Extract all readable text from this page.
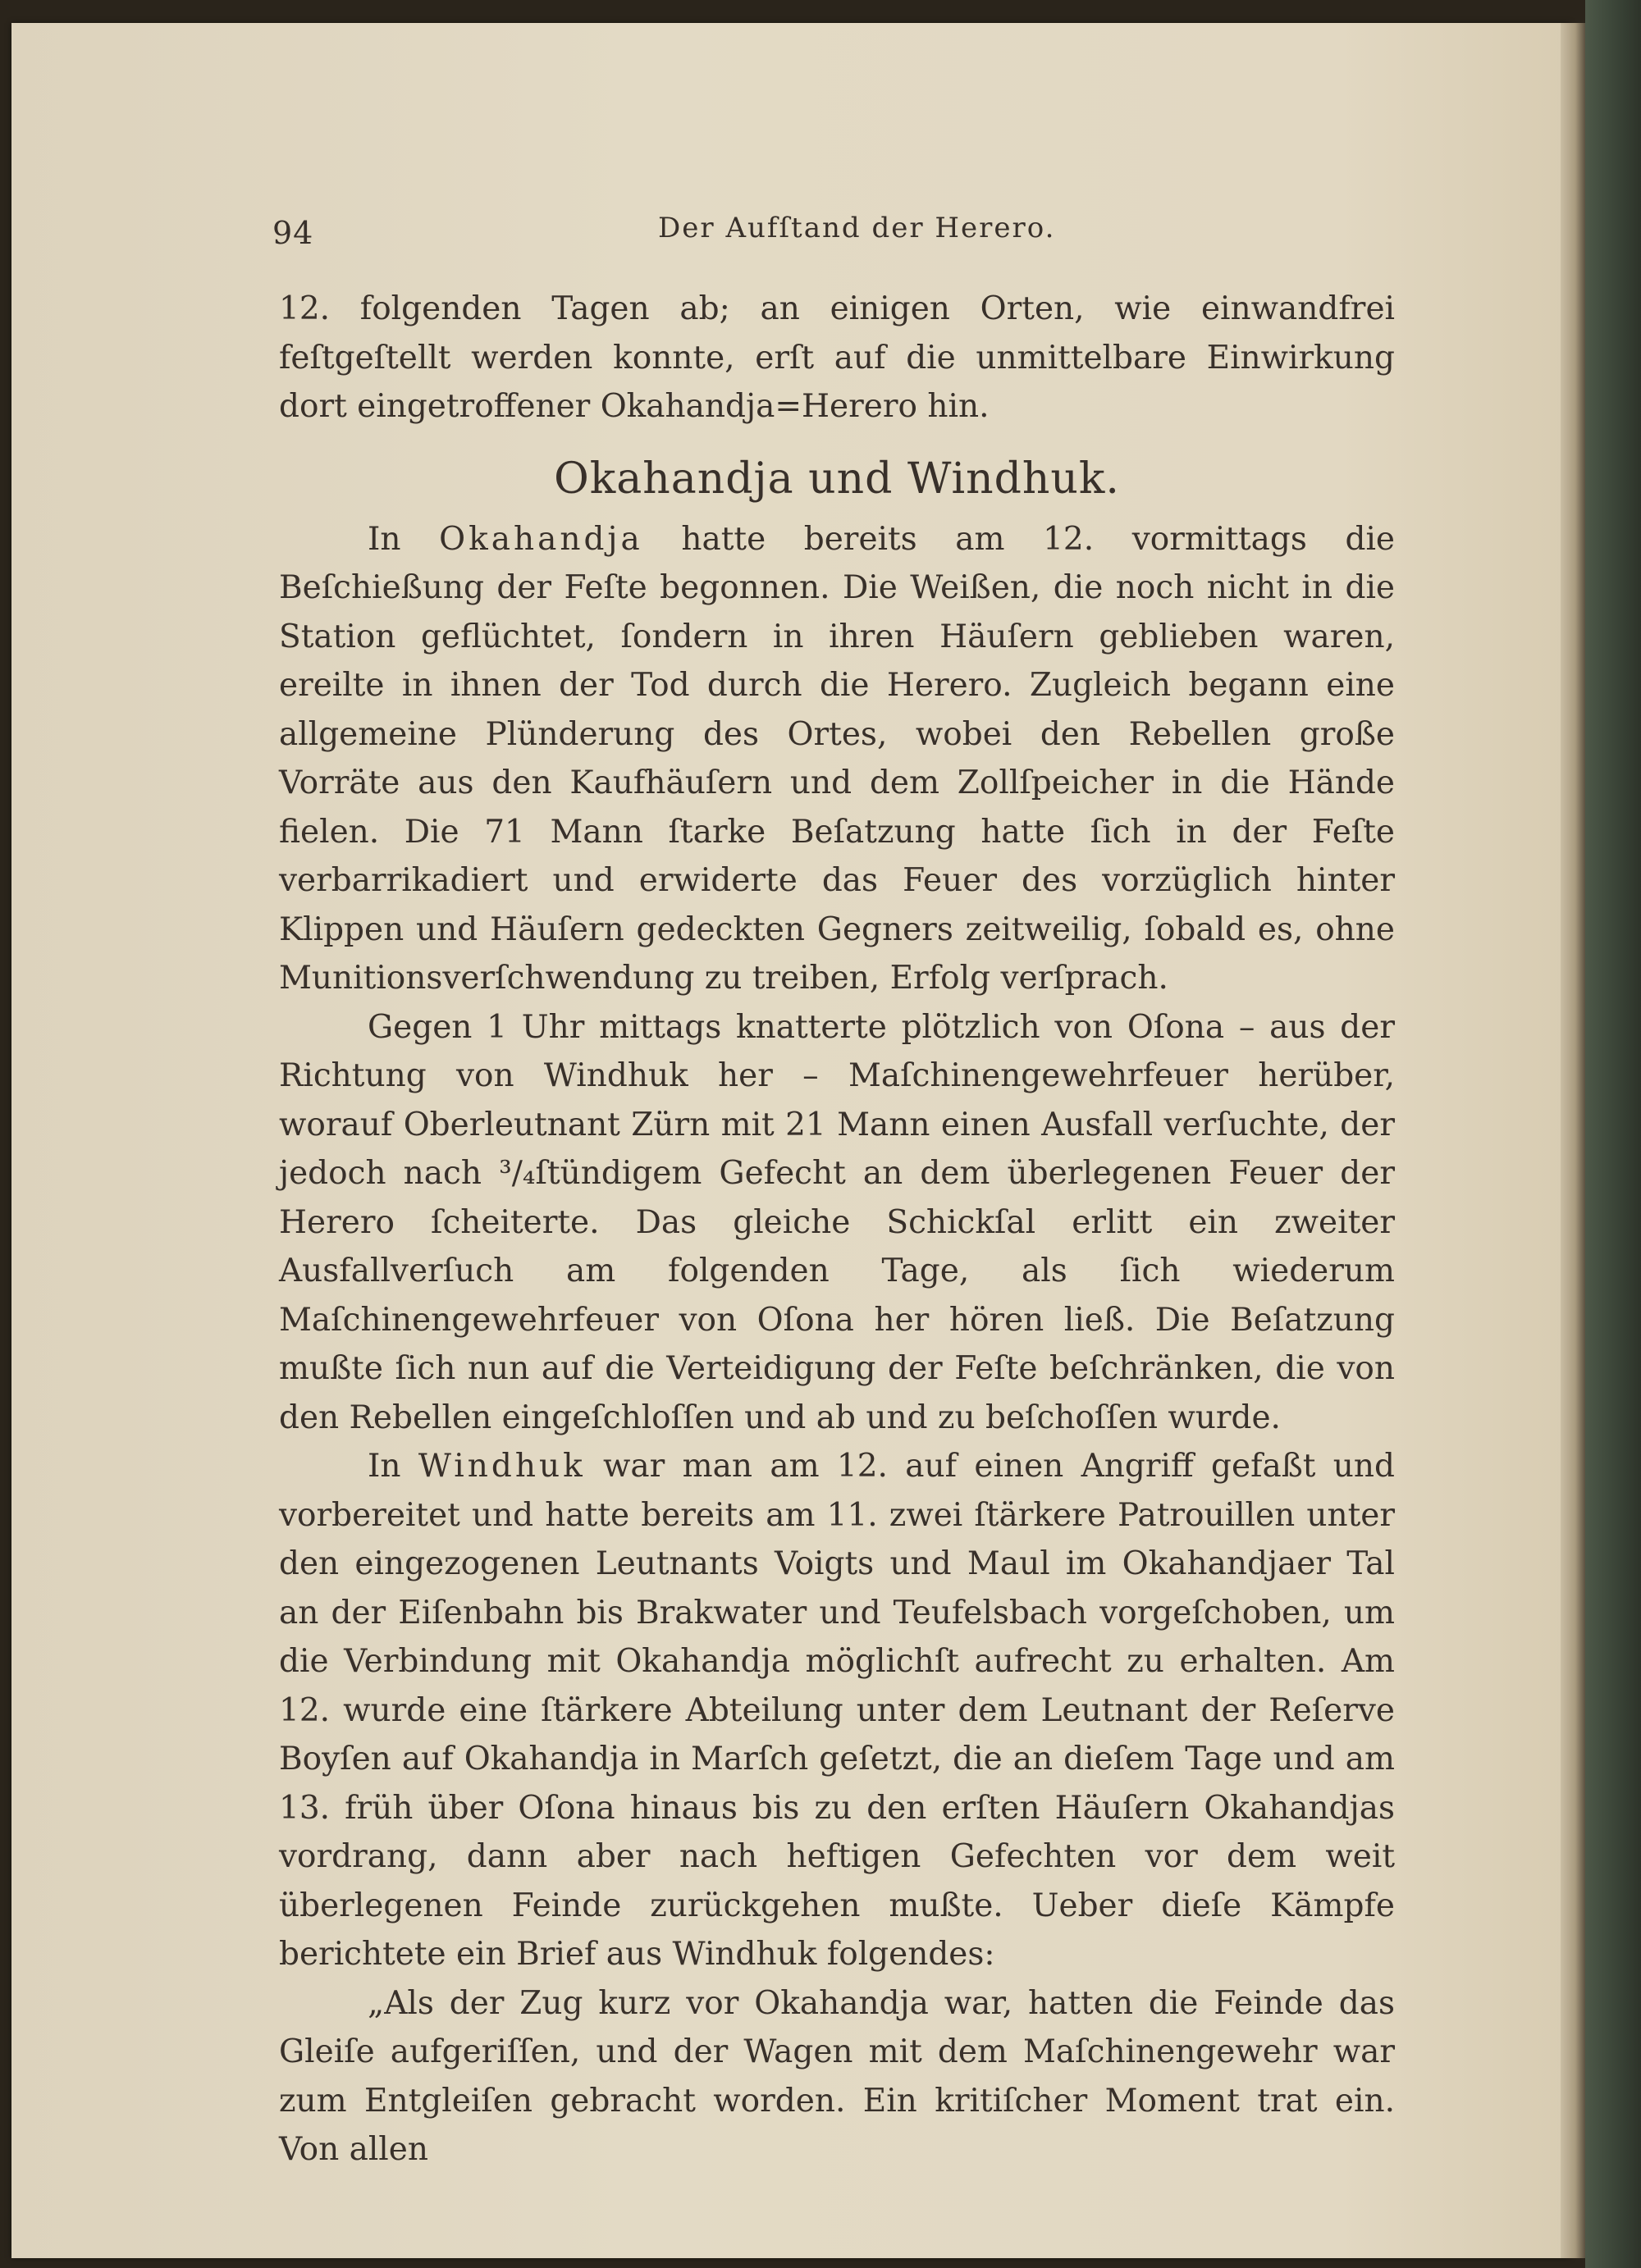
94	Der Aufſtand der Herero.

12. folgenden Tagen ab; an einigen Orten, wie einwandfrei feſtgeſtellt werden konnte, erſt auf die unmittelbare Einwirkung dort eingetroffener Okahandja=Herero hin.

Okahandja und Windhuk.

In Okahandja hatte bereits am 12. vormittags die Beſchießung der Feſte begonnen. Die Weißen, die noch nicht in die Station geflüchtet, ſondern in ihren Häuſern geblieben waren, ereilte in ihnen der Tod durch die Herero. Zugleich begann eine allgemeine Plünderung des Ortes, wobei den Rebellen große Vorräte aus den Kaufhäuſern und dem Zollſpeicher in die Hände fielen. Die 71 Mann ſtarke Beſatzung hatte ſich in der Feſte verbarrikadiert und erwiderte das Feuer des vorzüglich hinter Klippen und Häuſern gedeckten Gegners zeitweilig, ſobald es, ohne Munitionsverſchwendung zu treiben, Erfolg verſprach.

Gegen 1 Uhr mittags knatterte plötzlich von Oſona – aus der Richtung von Windhuk her – Maſchinengewehrfeuer herüber, worauf Oberleutnant Zürn mit 21 Mann einen Ausfall verſuchte, der jedoch nach ³/₄ſtündigem Gefecht an dem überlegenen Feuer der Herero ſcheiterte. Das gleiche Schickſal erlitt ein zweiter Ausfallverſuch am folgenden Tage, als ſich wiederum Maſchinengewehrfeuer von Oſona her hören ließ. Die Beſatzung mußte ſich nun auf die Verteidigung der Feſte beſchränken, die von den Rebellen eingeſchloſſen und ab und zu beſchoſſen wurde.

In Windhuk war man am 12. auf einen Angriff gefaßt und vorbereitet und hatte bereits am 11. zwei ſtärkere Patrouillen unter den eingezogenen Leutnants Voigts und Maul im Okahandjaer Tal an der Eiſenbahn bis Brakwater und Teufelsbach vorgeſchoben, um die Verbindung mit Okahandja möglichſt aufrecht zu erhalten. Am 12. wurde eine ſtärkere Abteilung unter dem Leutnant der Reſerve Boyſen auf Okahandja in Marſch geſetzt, die an dieſem Tage und am 13. früh über Oſona hinaus bis zu den erſten Häuſern Okahandjas vordrang, dann aber nach heftigen Gefechten vor dem weit überlegenen Feinde zurückgehen mußte. Ueber dieſe Kämpfe berichtete ein Brief aus Windhuk folgendes:

„Als der Zug kurz vor Okahandja war, hatten die Feinde das Gleiſe aufgeriſſen, und der Wagen mit dem Maſchinengewehr war zum Entgleiſen gebracht worden. Ein kritiſcher Moment trat ein. Von allen
